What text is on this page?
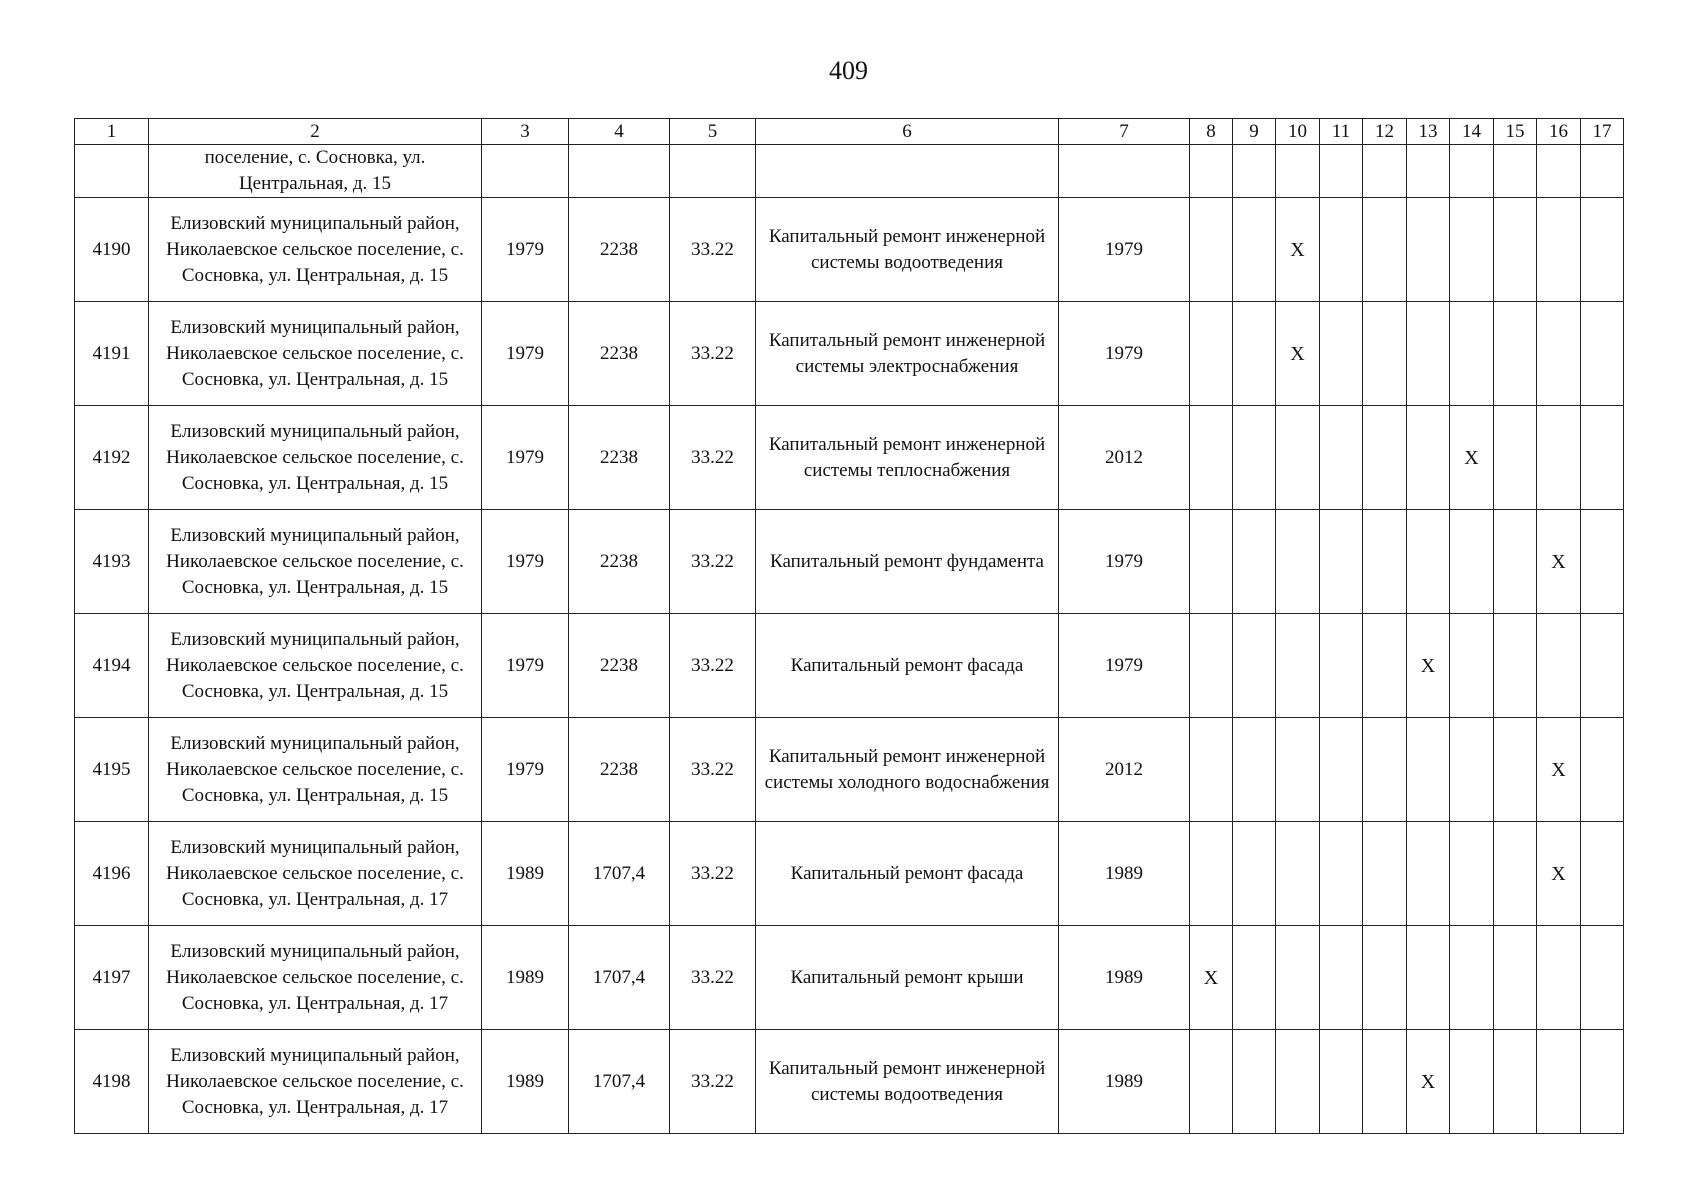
409
1	2	3	4	5	6	7	8	9	10	11	12	13	14	15	16	17
	поселение, с. Сосновка, ул. Центральная, д. 15															
4190	Елизовский муниципальный район, Николаевское сельское поселение, с. Сосновка, ул. Центральная, д. 15	1979	2238	33.22	Капитальный ремонт инженерной системы водоотведения	1979			X							
4191	Елизовский муниципальный район, Николаевское сельское поселение, с. Сосновка, ул. Центральная, д. 15	1979	2238	33.22	Капитальный ремонт инженерной системы электроснабжения	1979			X							
4192	Елизовский муниципальный район, Николаевское сельское поселение, с. Сосновка, ул. Центральная, д. 15	1979	2238	33.22	Капитальный ремонт инженерной системы теплоснабжения	2012							X			
4193	Елизовский муниципальный район, Николаевское сельское поселение, с. Сосновка, ул. Центральная, д. 15	1979	2238	33.22	Капитальный ремонт фундамента	1979									X	
4194	Елизовский муниципальный район, Николаевское сельское поселение, с. Сосновка, ул. Центральная, д. 15	1979	2238	33.22	Капитальный ремонт фасада	1979						X				
4195	Елизовский муниципальный район, Николаевское сельское поселение, с. Сосновка, ул. Центральная, д. 15	1979	2238	33.22	Капитальный ремонт инженерной системы холодного водоснабжения	2012									X	
4196	Елизовский муниципальный район, Николаевское сельское поселение, с. Сосновка, ул. Центральная, д. 17	1989	1707,4	33.22	Капитальный ремонт фасада	1989									X	
4197	Елизовский муниципальный район, Николаевское сельское поселение, с. Сосновка, ул. Центральная, д. 17	1989	1707,4	33.22	Капитальный ремонт крыши	1989	X									
4198	Елизовский муниципальный район, Николаевское сельское поселение, с. Сосновка, ул. Центральная, д. 17	1989	1707,4	33.22	Капитальный ремонт инженерной системы водоотведения	1989						X				
